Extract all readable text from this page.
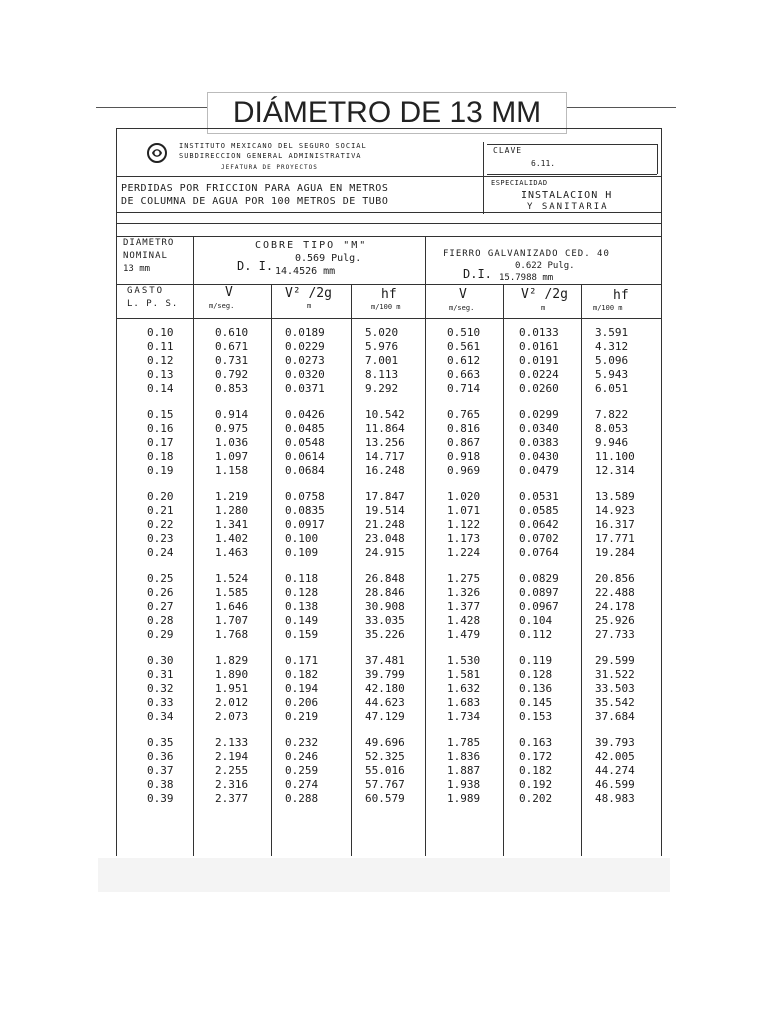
DIÁMETRO DE 13 MM
INSTITUTO MEXICANO DEL SEGURO SOCIAL
SUBDIRECCION GENERAL ADMINISTRATIVA
JEFATURA DE PROYECTOS
CLAVE
6.11.
PERDIDAS POR FRICCION PARA AGUA EN METROS
DE COLUMNA DE AGUA POR 100 METROS DE TUBO
ESPECIALIDAD
INSTALACION H
Y SANITARIA
DIAMETRO
NOMINAL
13 mm
COBRE TIPO "M"
D. I.
0.569 Pulg.
14.4526 mm
FIERRO GALVANIZADO CED. 40
D.I.
0.622 Pulg.
15.7988 mm
GASTO
L. P. S.
V
m/seg.
V² /2g
m
hf
m/100 m
V
m/seg.
V² /2g
m
hf
m/100 m
0.10
0.11
0.12
0.13
0.14
0.15
0.16
0.17
0.18
0.19
0.20
0.21
0.22
0.23
0.24
0.25
0.26
0.27
0.28
0.29
0.30
0.31
0.32
0.33
0.34
0.35
0.36
0.37
0.38
0.39
0.610
0.671
0.731
0.792
0.853
0.914
0.975
1.036
1.097
1.158
1.219
1.280
1.341
1.402
1.463
1.524
1.585
1.646
1.707
1.768
1.829
1.890
1.951
2.012
2.073
2.133
2.194
2.255
2.316
2.377
0.0189
0.0229
0.0273
0.0320
0.0371
0.0426
0.0485
0.0548
0.0614
0.0684
0.0758
0.0835
0.0917
0.100
0.109
0.118
0.128
0.138
0.149
0.159
0.171
0.182
0.194
0.206
0.219
0.232
0.246
0.259
0.274
0.288
5.020
5.976
7.001
8.113
9.292
10.542
11.864
13.256
14.717
16.248
17.847
19.514
21.248
23.048
24.915
26.848
28.846
30.908
33.035
35.226
37.481
39.799
42.180
44.623
47.129
49.696
52.325
55.016
57.767
60.579
0.510
0.561
0.612
0.663
0.714
0.765
0.816
0.867
0.918
0.969
1.020
1.071
1.122
1.173
1.224
1.275
1.326
1.377
1.428
1.479
1.530
1.581
1.632
1.683
1.734
1.785
1.836
1.887
1.938
1.989
0.0133
0.0161
0.0191
0.0224
0.0260
0.0299
0.0340
0.0383
0.0430
0.0479
0.0531
0.0585
0.0642
0.0702
0.0764
0.0829
0.0897
0.0967
0.104
0.112
0.119
0.128
0.136
0.145
0.153
0.163
0.172
0.182
0.192
0.202
3.591
4.312
5.096
5.943
6.051
7.822
8.053
9.946
11.100
12.314
13.589
14.923
16.317
17.771
19.284
20.856
22.488
24.178
25.926
27.733
29.599
31.522
33.503
35.542
37.684
39.793
42.005
44.274
46.599
48.983
